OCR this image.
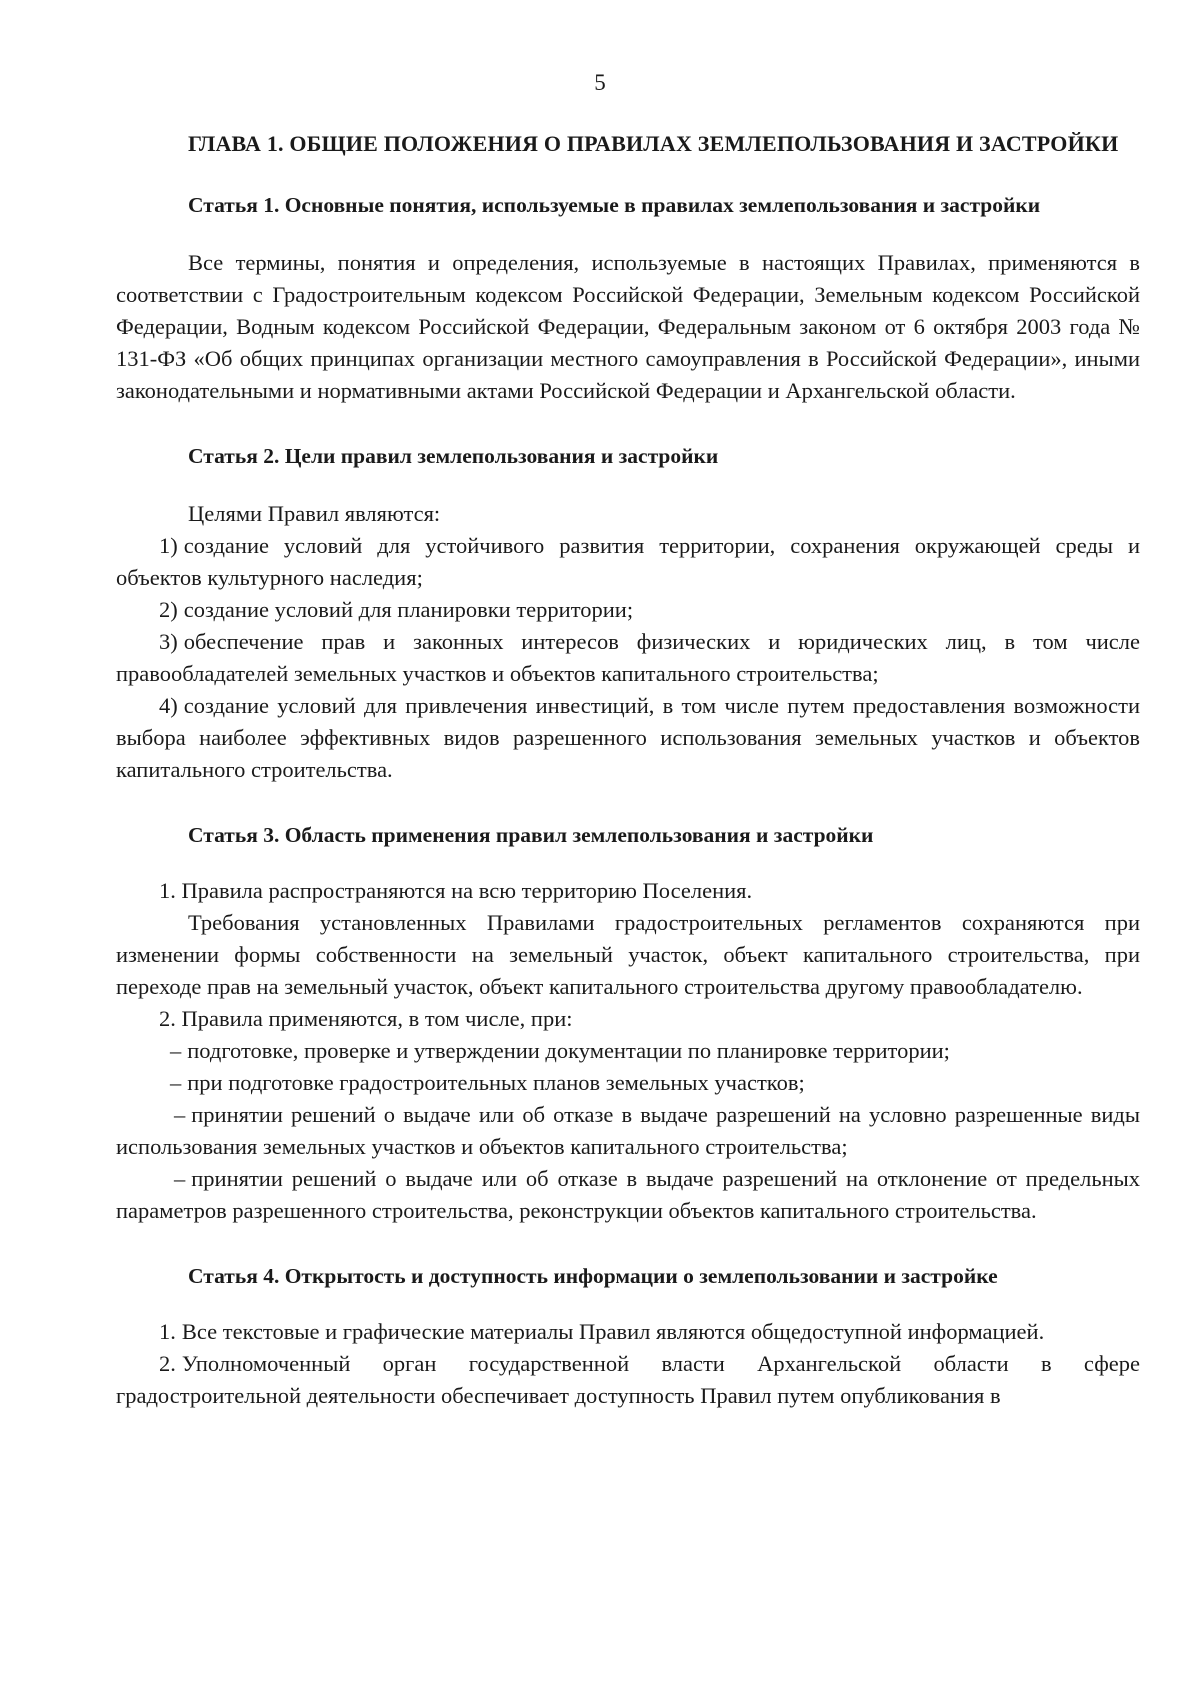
5

ГЛАВА 1. ОБЩИЕ ПОЛОЖЕНИЯ О ПРАВИЛАХ ЗЕМЛЕПОЛЬЗОВАНИЯ И ЗАСТРОЙКИ

Статья 1. Основные понятия, используемые в правилах землепользования и застройки

Все термины, понятия и определения, используемые в настоящих Правилах, применяются в соответствии с Градостроительным кодексом Российской Федерации, Земельным кодексом Российской Федерации, Водным кодексом Российской Федерации, Федеральным законом от 6 октября 2003 года № 131-ФЗ «Об общих принципах организации местного самоуправления в Российской Федерации», иными законодательными и нормативными актами Российской Федерации и Архангельской области.

Статья 2. Цели правил землепользования и застройки

Целями Правил являются:

1) создание условий для устойчивого развития территории, сохранения окружающей среды и объектов культурного наследия;

2) создание условий для планировки территории;

3) обеспечение прав и законных интересов физических и юридических лиц, в том числе правообладателей земельных участков и объектов капитального строительства;

4) создание условий для привлечения инвестиций, в том числе путем предоставления возможности выбора наиболее эффективных видов разрешенного использования земельных участков и объектов капитального строительства.

Статья 3. Область применения правил землепользования и застройки

1. Правила распространяются на всю территорию Поселения.

Требования установленных Правилами градостроительных регламентов сохраняются при изменении формы собственности на земельный участок, объект капитального строительства, при переходе прав на земельный участок, объект капитального строительства другому правообладателю.

2. Правила применяются, в том числе, при:

– подготовке, проверке и утверждении документации по планировке территории;

– при подготовке градостроительных планов земельных участков;

– принятии решений о выдаче или об отказе в выдаче разрешений на условно разрешенные виды использования земельных участков и объектов капитального строительства;

– принятии решений о выдаче или об отказе в выдаче разрешений на отклонение от предельных параметров разрешенного строительства, реконструкции объектов капитального строительства.

Статья 4. Открытость и доступность информации о землепользовании и застройке

1. Все текстовые и графические материалы Правил являются общедоступной информацией.

2. Уполномоченный орган государственной власти Архангельской области в сфере градостроительной деятельности обеспечивает доступность Правил путем опубликования в
